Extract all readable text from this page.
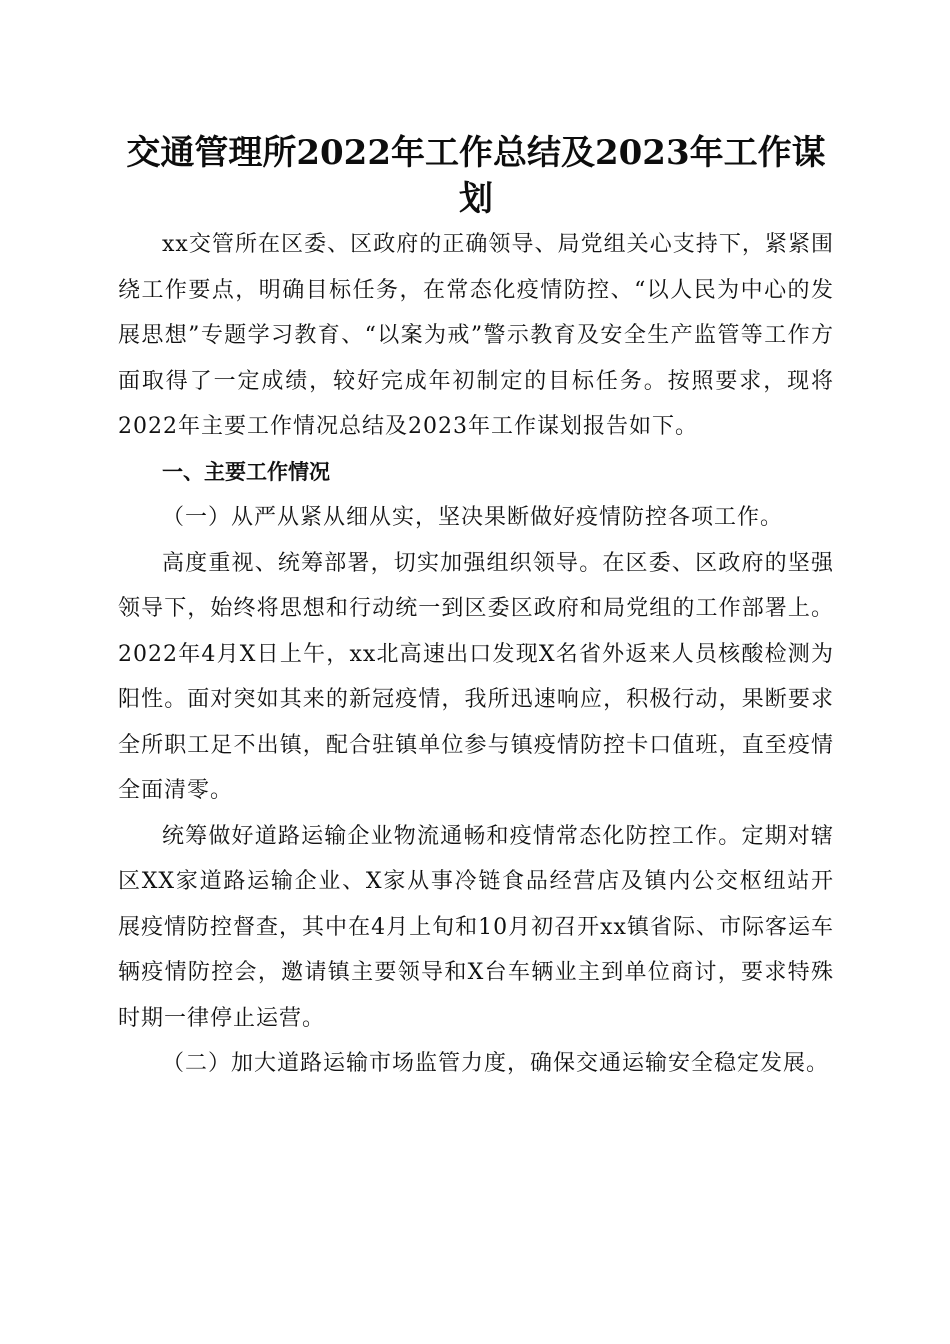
交通管理所2022年工作总结及2023年工作谋划

xx交管所在区委、区政府的正确领导、局党组关心支持下，紧紧围绕工作要点，明确目标任务，在常态化疫情防控、“以人民为中心的发展思想”专题学习教育、“以案为戒”警示教育及安全生产监管等工作方面取得了一定成绩，较好完成年初制定的目标任务。按照要求，现将2022年主要工作情况总结及2023年工作谋划报告如下。

一、主要工作情况

（一）从严从紧从细从实，坚决果断做好疫情防控各项工作。

高度重视、统筹部署，切实加强组织领导。在区委、区政府的坚强领导下，始终将思想和行动统一到区委区政府和局党组的工作部署上。2022年4月X日上午，xx北高速出口发现X名省外返来人员核酸检测为阳性。面对突如其来的新冠疫情，我所迅速响应，积极行动，果断要求全所职工足不出镇，配合驻镇单位参与镇疫情防控卡口值班，直至疫情全面清零。

统筹做好道路运输企业物流通畅和疫情常态化防控工作。定期对辖区XX家道路运输企业、X家从事冷链食品经营店及镇内公交枢纽站开展疫情防控督查，其中在4月上旬和10月初召开xx镇省际、市际客运车辆疫情防控会，邀请镇主要领导和X台车辆业主到单位商讨，要求特殊时期一律停止运营。

（二）加大道路运输市场监管力度，确保交通运输安全稳定发展。
